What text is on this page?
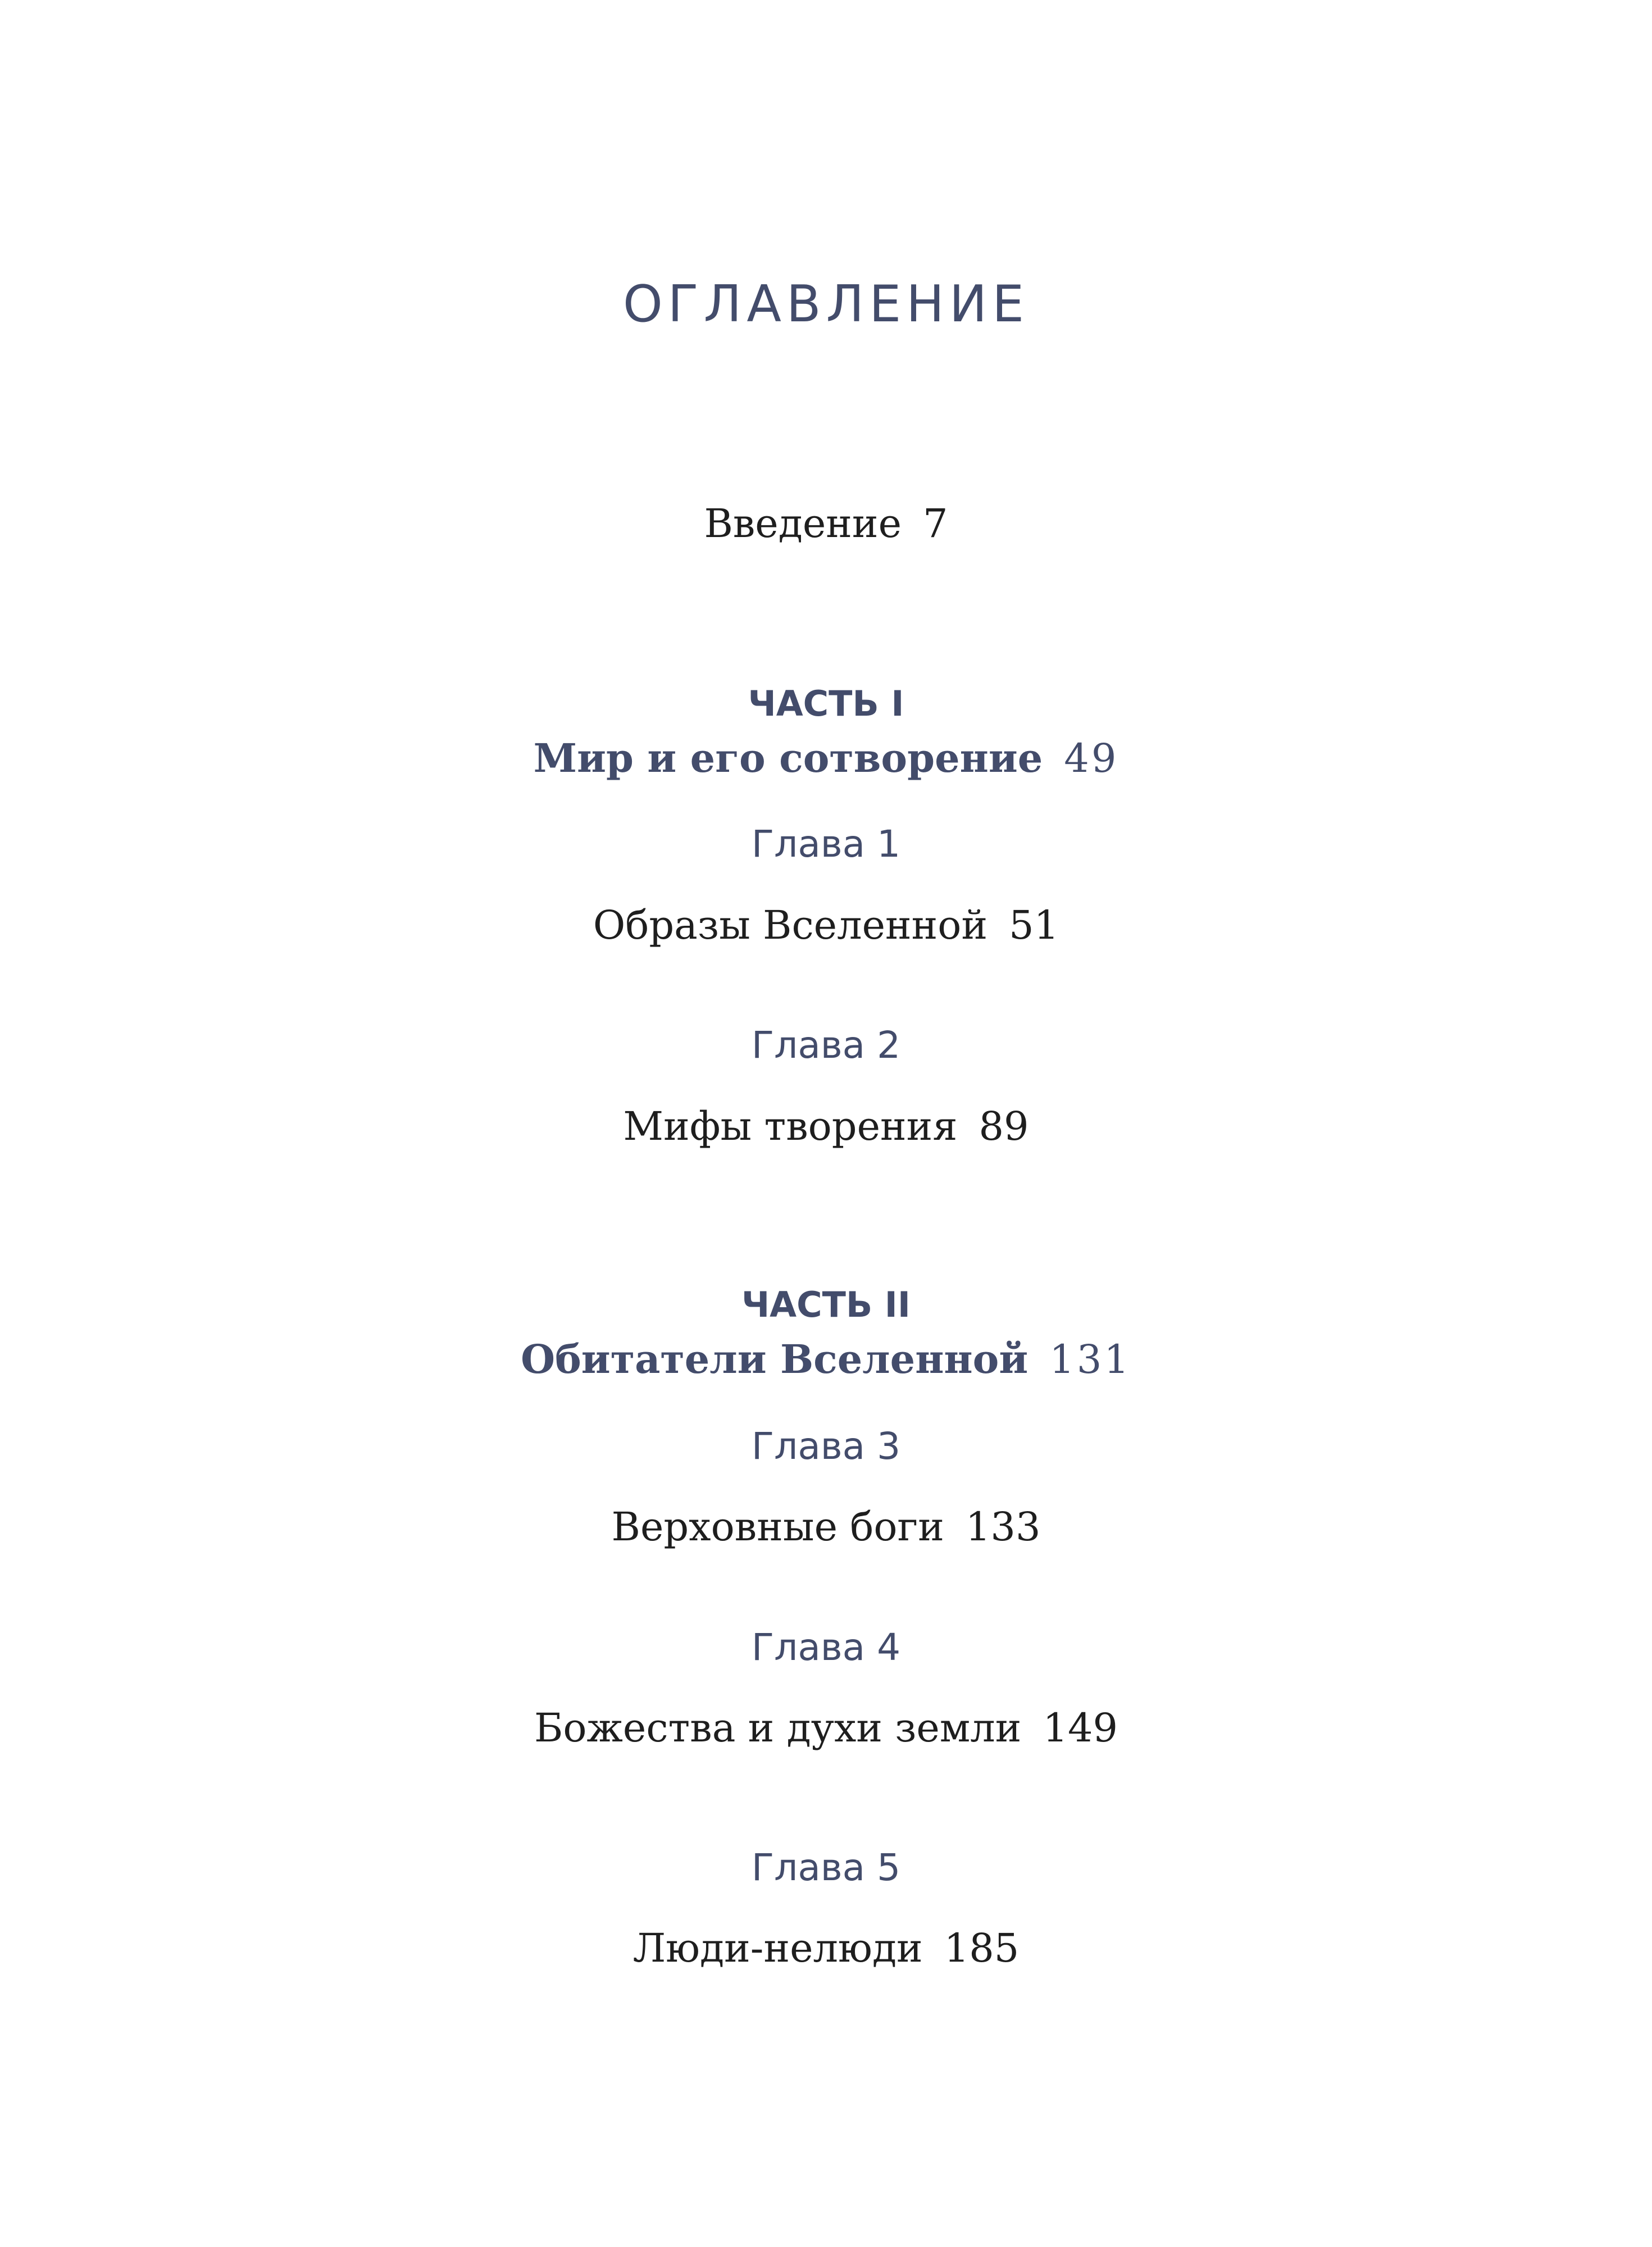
ОГЛАВЛЕНИЕ
Введение 7
ЧАСТЬ I
Мир и его сотворение 49
Глава 1
Образы Вселенной 51
Глава 2
Мифы творения 89
ЧАСТЬ II
Обитатели Вселенной 131
Глава 3
Верховные боги 133
Глава 4
Божества и духи земли 149
Глава 5
Люди-нелюди 185
